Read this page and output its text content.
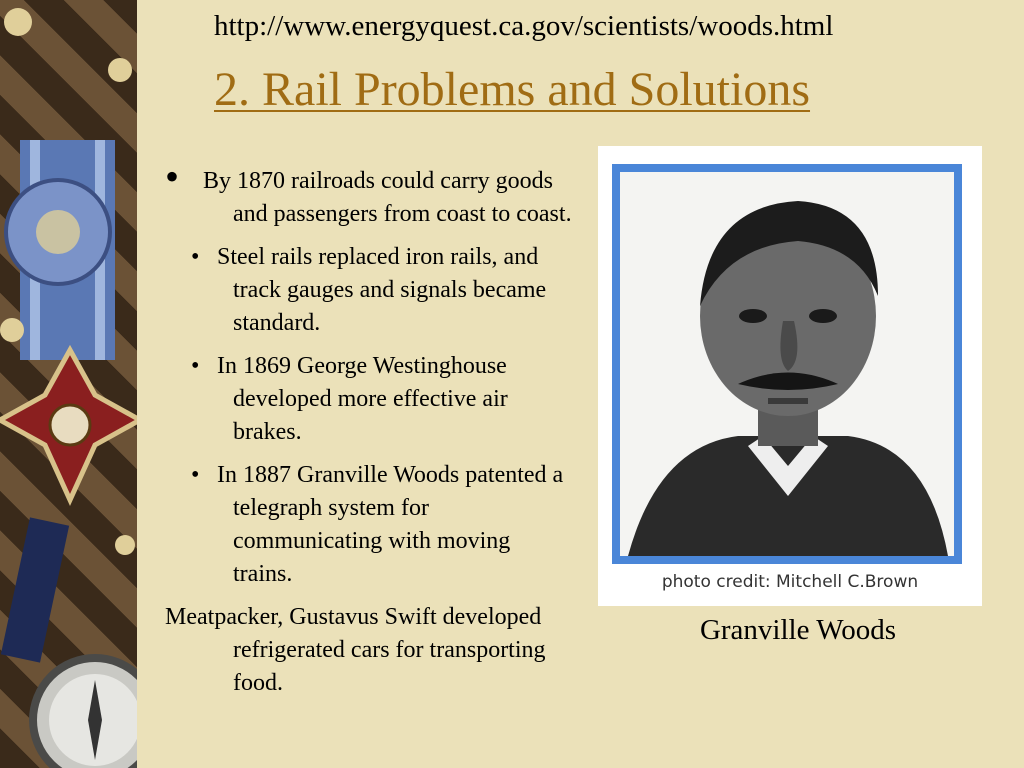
http://www.energyquest.ca.gov/scientists/woods.html
2. Rail Problems and Solutions
• By 1870 railroads could carry goods and passengers from coast to coast.
• Steel rails replaced iron rails, and track gauges and signals became standard.
• In 1869 George Westinghouse developed more effective air brakes.
• In 1887 Granville Woods patented a telegraph system for communicating with moving trains.
Meatpacker, Gustavus Swift developed refrigerated cars for transporting food.
photo credit: Mitchell C.Brown
Granville Woods
